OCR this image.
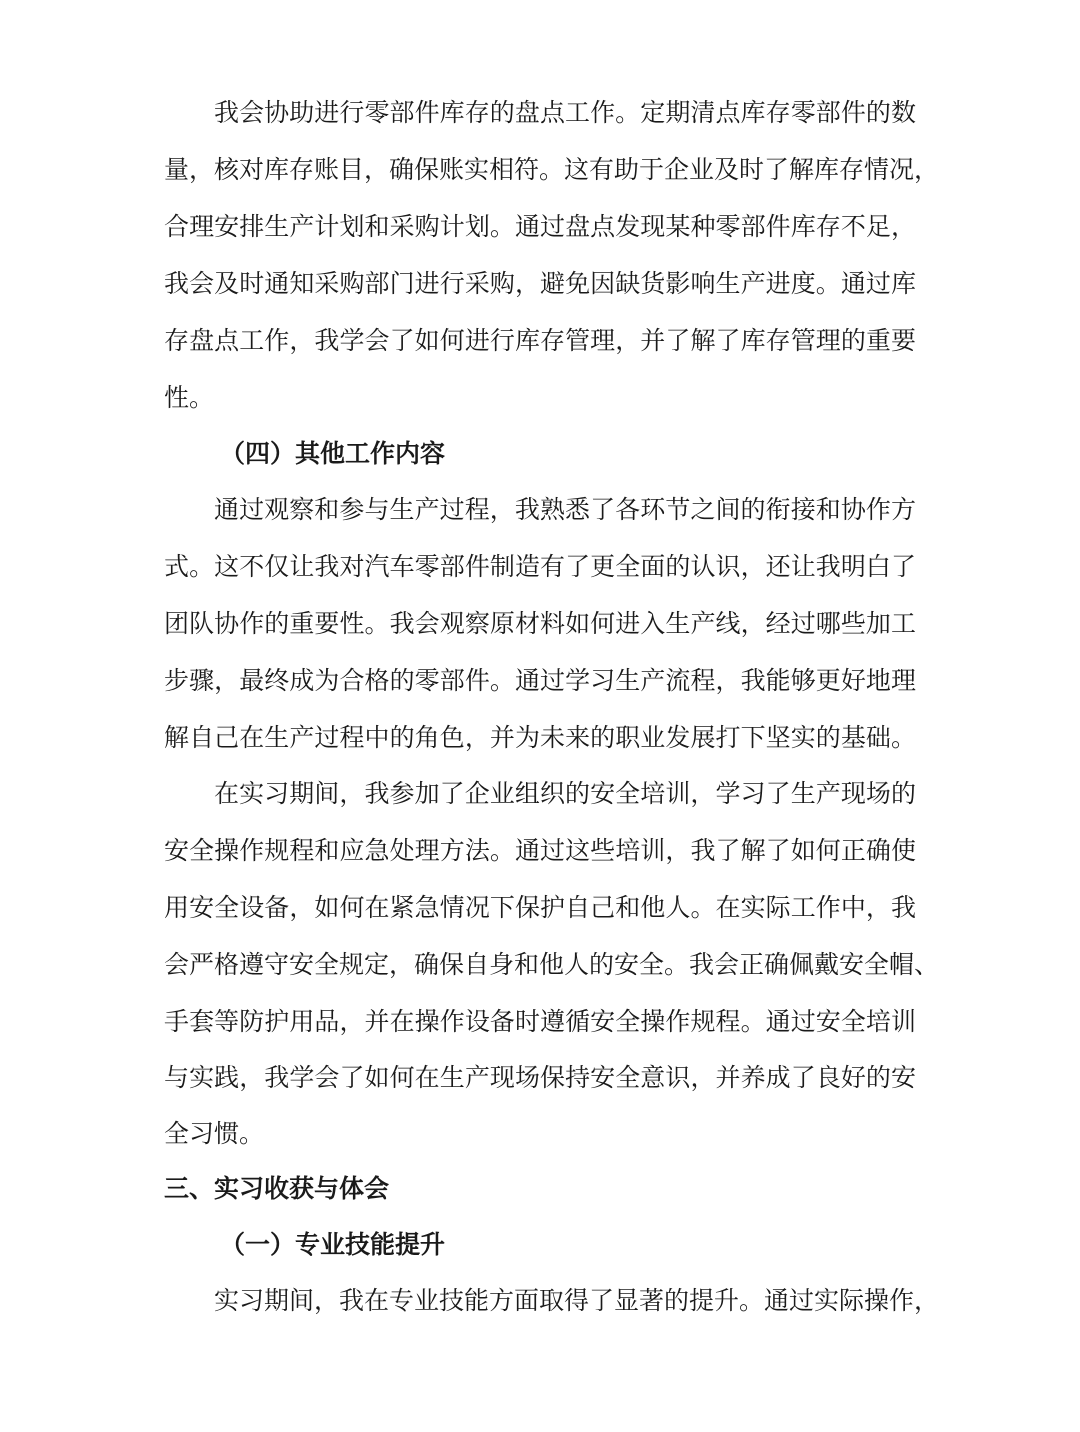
我会协助进行零部件库存的盘点工作。定期清点库存零部件的数
量，核对库存账目，确保账实相符。这有助于企业及时了解库存情况，
合理安排生产计划和采购计划。通过盘点发现某种零部件库存不足，
我会及时通知采购部门进行采购，避免因缺货影响生产进度。通过库
存盘点工作，我学会了如何进行库存管理，并了解了库存管理的重要
性。
（四）其他工作内容
通过观察和参与生产过程，我熟悉了各环节之间的衔接和协作方
式。这不仅让我对汽车零部件制造有了更全面的认识，还让我明白了
团队协作的重要性。我会观察原材料如何进入生产线，经过哪些加工
步骤，最终成为合格的零部件。通过学习生产流程，我能够更好地理
解自己在生产过程中的角色，并为未来的职业发展打下坚实的基础。
在实习期间，我参加了企业组织的安全培训，学习了生产现场的
安全操作规程和应急处理方法。通过这些培训，我了解了如何正确使
用安全设备，如何在紧急情况下保护自己和他人。在实际工作中，我
会严格遵守安全规定，确保自身和他人的安全。我会正确佩戴安全帽、
手套等防护用品，并在操作设备时遵循安全操作规程。通过安全培训
与实践，我学会了如何在生产现场保持安全意识，并养成了良好的安
全习惯。
三、实习收获与体会
（一）专业技能提升
实习期间，我在专业技能方面取得了显著的提升。通过实际操作，
